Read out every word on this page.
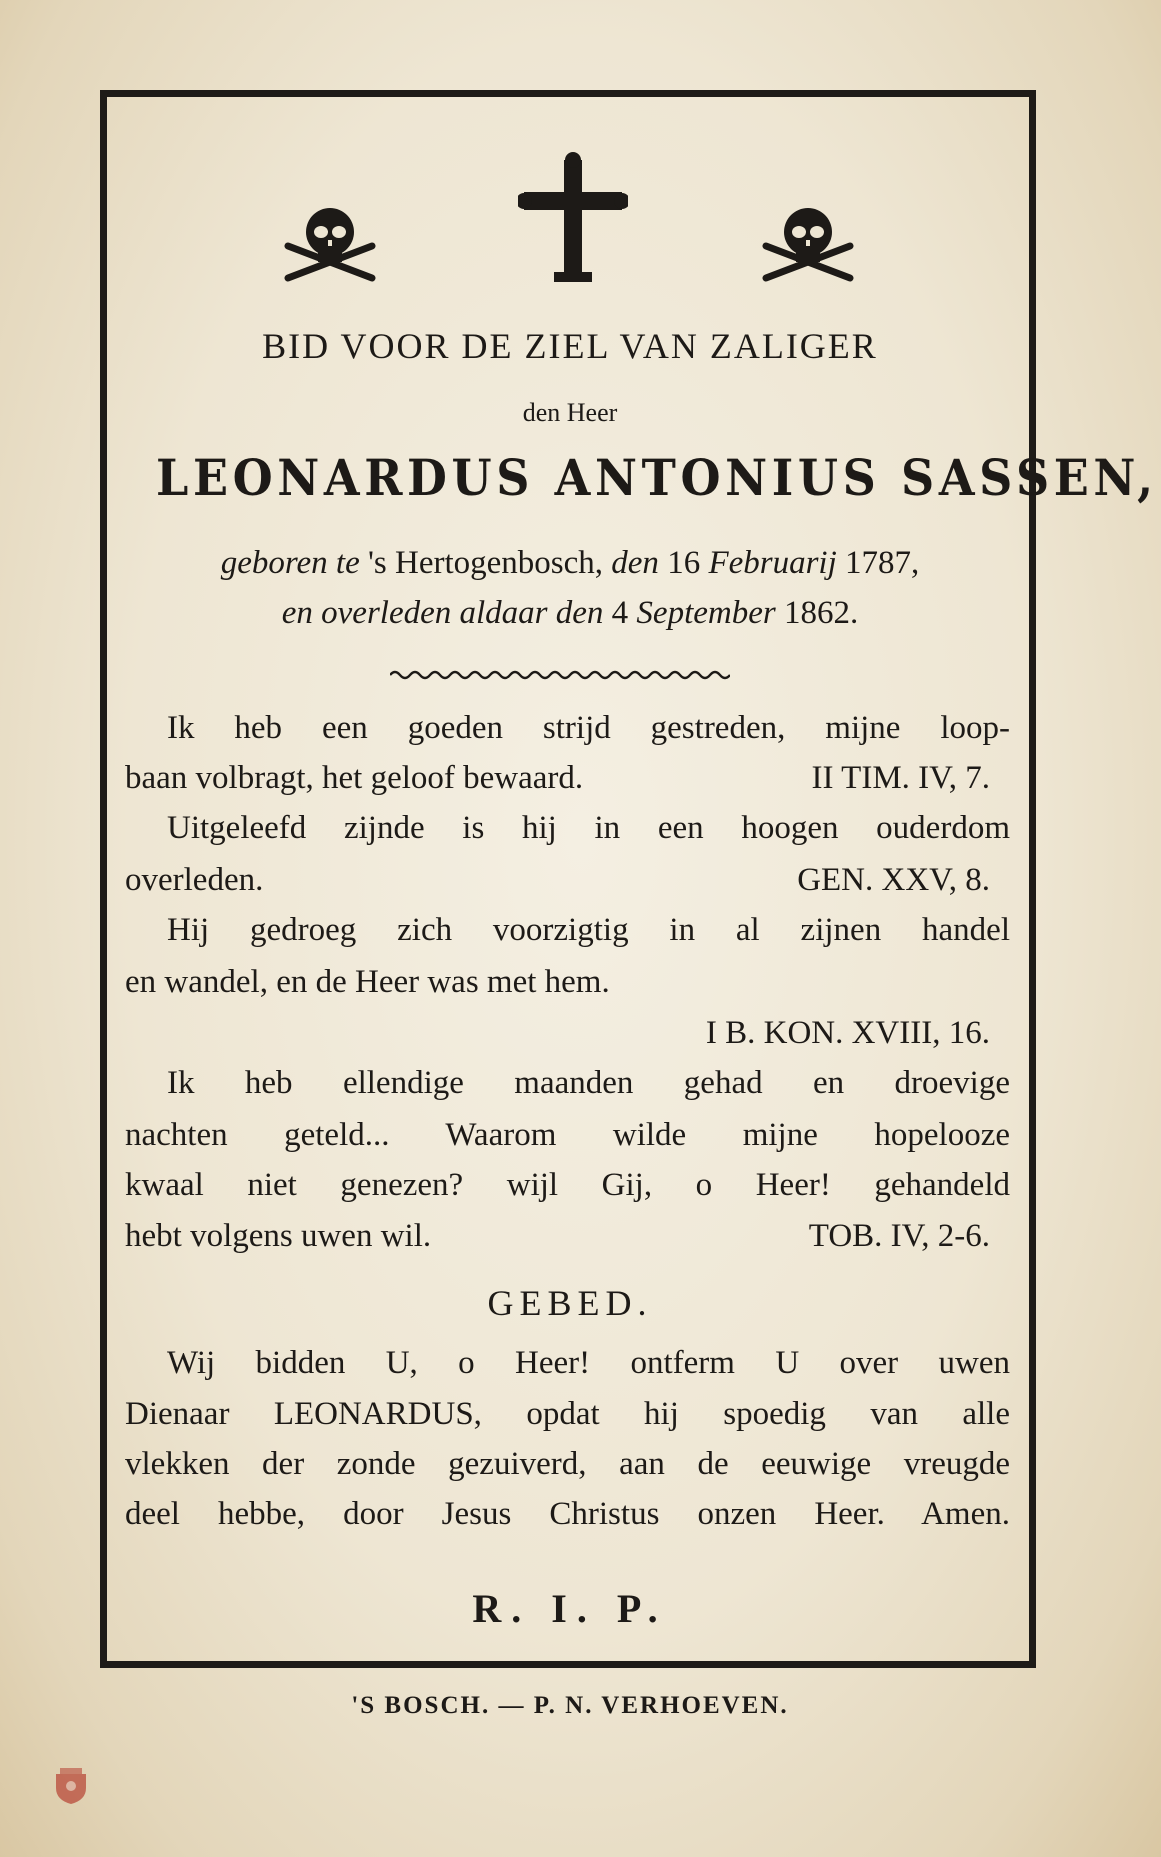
BID VOOR DE ZIEL VAN ZALIGER
den Heer
LEONARDUS ANTONIUS SASSEN,
geboren te 's Hertogenbosch, den 16 Februarij 1787,
en overleden aldaar den 4 September 1862.
Ik heb een goeden strijd gestreden, mijne loop-
baan volbragt, het geloof bewaard.	II TIM. IV, 7.
Uitgeleefd zijnde is hij in een hoogen ouderdom
overleden.	GEN. XXV, 8.
Hij gedroeg zich voorzigtig in al zijnen handel
en wandel, en de Heer was met hem.
I B. KON. XVIII, 16.
Ik heb ellendige maanden gehad en droevige
nachten geteld... Waarom wilde mijne hopelooze
kwaal niet genezen? wijl Gij, o Heer! gehandeld
hebt volgens uwen wil.	TOB. IV, 2-6.
GEBED.
Wij bidden U, o Heer! ontferm U over uwen
Dienaar LEONARDUS, opdat hij spoedig van alle
vlekken der zonde gezuiverd, aan de eeuwige vreugde
deel hebbe, door Jesus Christus onzen Heer. Amen.
R. I. P.
'S BOSCH. — P. N. VERHOEVEN.
